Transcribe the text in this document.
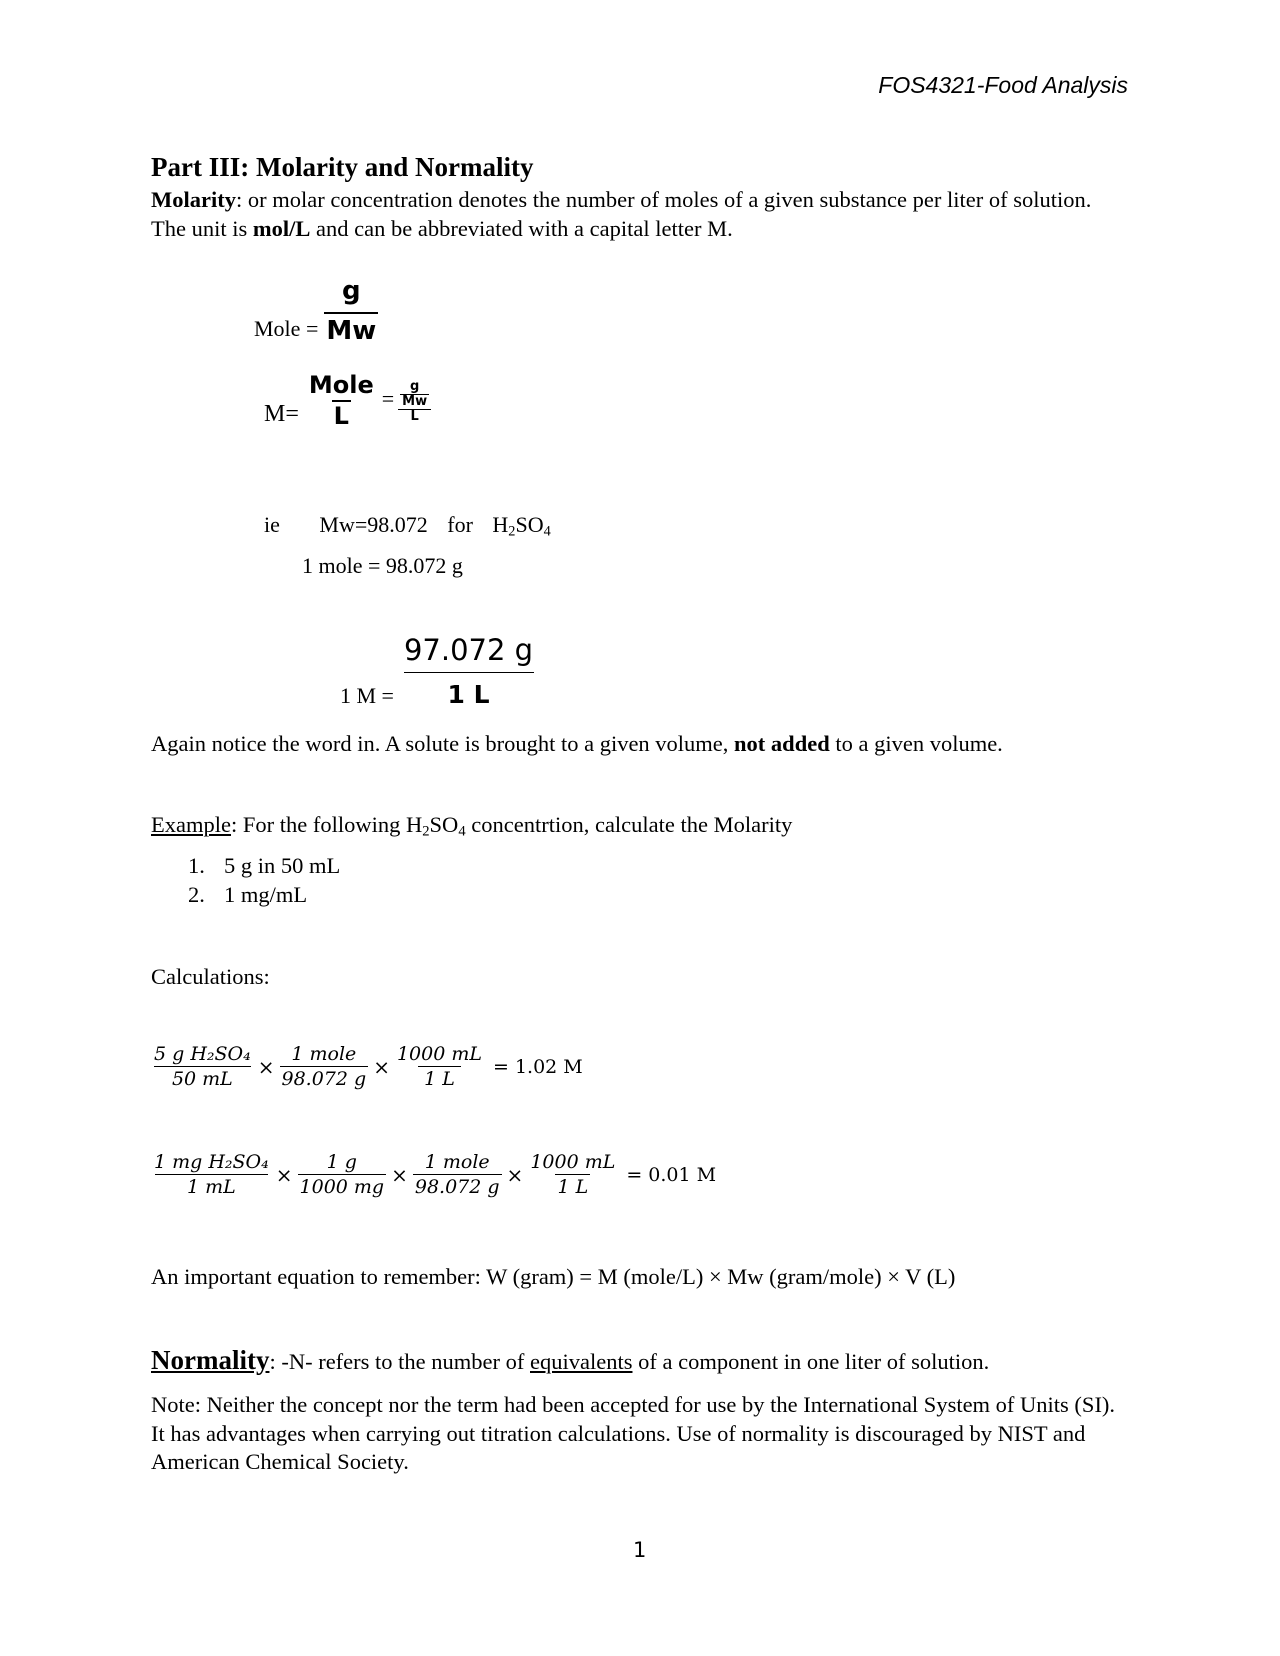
FOS4321-Food Analysis
Part III: Molarity and Normality
Molarity: or molar concentration denotes the number of moles of a given substance per liter of solution. The unit is mol/L and can be abbreviated with a capital letter M.
Mole = $\frac{g}{Mw}$
$M= \frac{\text{Mole}}{L} = \frac{\frac{g}{Mw}}{L}$
ie Mw=98.072 for $H_2SO_4$
1 mole = 98.072 g
1 $M = \frac{97.072 g}{1 L}$
Again notice the word in. A solute is brought to a given volume, not added to a given volume.
Example: For the following $H_2SO_4$ concentrtion, calculate the Molarity
1. 5 g in 50 mL
2. 1 mg/mL
Calculations:
$\frac{\text{5 g H₂SO₄}}{50 mL} \times \frac{\text{1 mole}}{98.072 g} \times \frac{1000 mL}{1 L} = 1.02$ M
$\frac{\text{1 mg H₂SO₄}}{1 mL} \times \frac{1 g}{1000 mg} \times \frac{\text{1 mole}}{98.072 g} \times \frac{1000 mL}{1 L} = 0.01$ M
An important equation to remember: W (gram) = M (mole/L) × Mw (gram/mole) × V (L)
Normality: -N- refers to the number of equivalents of a component in one liter of solution.
Note: Neither the concept nor the term had been accepted for use by the International System of Units (SI). It has advantages when carrying out titration calculations. Use of normality is discouraged by NIST and American Chemical Society.
1
